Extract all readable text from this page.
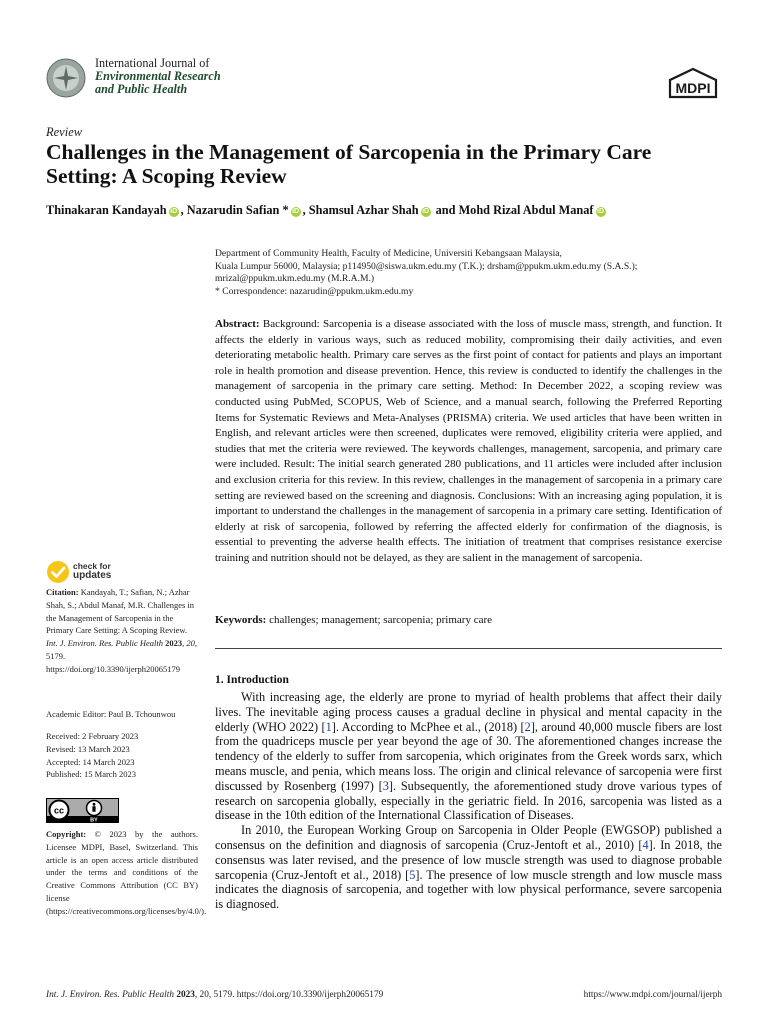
International Journal of
Environmental Research
and Public Health	MDPI
Review
Challenges in the Management of Sarcopenia in the Primary Care Setting: A Scoping Review
Thinakaran Kandayah iD , Nazarudin Safian * iD , Shamsul Azhar Shah iD and Mohd Rizal Abdul Manaf iD
Department of Community Health, Faculty of Medicine, Universiti Kebangsaan Malaysia,
Kuala Lumpur 56000, Malaysia; p114950@siswa.ukm.edu.my (T.K.); drsham@ppukm.ukm.edu.my (S.A.S.);
mrizal@ppukm.ukm.edu.my (M.R.A.M.)
* Correspondence: nazarudin@ppukm.ukm.edu.my
Abstract: Background: Sarcopenia is a disease associated with the loss of muscle mass, strength, and function. It affects the elderly in various ways, such as reduced mobility, compromising their daily activities, and even deteriorating metabolic health. Primary care serves as the first point of contact for patients and plays an important role in health promotion and disease prevention. Hence, this review is conducted to identify the challenges in the management of sarcopenia in the primary care setting. Method: In December 2022, a scoping review was conducted using PubMed, SCOPUS, Web of Science, and a manual search, following the Preferred Reporting Items for Systematic Reviews and Meta-Analyses (PRISMA) criteria. We used articles that have been written in English, and relevant articles were then screened, duplicates were removed, eligibility criteria were applied, and studies that met the criteria were reviewed. The keywords challenges, management, sarcopenia, and primary care were included. Result: The initial search generated 280 publications, and 11 articles were included after inclusion and exclusion criteria for this review. In this review, challenges in the management of sarcopenia in a primary care setting are reviewed based on the screening and diagnosis. Conclusions: With an increasing aging population, it is important to understand the challenges in the management of sarcopenia in a primary care setting. Identification of elderly at risk of sarcopenia, followed by referring the affected elderly for confirmation of the diagnosis, is essential to preventing the adverse health effects. The initiation of treatment that comprises resistance exercise training and nutrition should not be delayed, as they are salient in the management of sarcopenia.
Keywords: challenges; management; sarcopenia; primary care
1. Introduction

With increasing age, the elderly are prone to myriad of health problems that affect their daily lives. The inevitable aging process causes a gradual decline in physical and mental capacity in the elderly (WHO 2022) [1]. According to McPhee et al., (2018) [2], around 40,000 muscle fibers are lost from the quadriceps muscle per year beyond the age of 30. The aforementioned changes increase the tendency of the elderly to suffer from sarcopenia, which originates from the Greek words sarx, which means muscle, and penia, which means loss. The origin and clinical relevance of sarcopenia were first discussed by Rosenberg (1997) [3]. Subsequently, the aforementioned study drove various types of research on sarcopenia globally, especially in the geriatric field. In 2016, sarcopenia was listed as a disease in the 10th edition of the International Classification of Diseases.

In 2010, the European Working Group on Sarcopenia in Older People (EWGSOP) published a consensus on the definition and diagnosis of sarcopenia (Cruz-Jentoft et al., 2010) [4]. In 2018, the consensus was later revised, and the presence of low muscle strength was used to diagnose probable sarcopenia (Cruz-Jentoft et al., 2018) [5]. The presence of low muscle strength and low muscle mass indicates the diagnosis of sarcopenia, and together with low physical performance, severe sarcopenia is diagnosed.

check for
updates
Citation: Kandayah, T.; Safian, N.; Azhar Shah, S.; Abdul Manaf, M.R. Challenges in the Management of Sarcopenia in the Primary Care Setting: A Scoping Review. Int. J. Environ. Res. Public Health 2023, 20, 5179. https://doi.org/10.3390/ijerph20065179
Academic Editor: Paul B. Tchounwou
Received: 2 February 2023
Revised: 13 March 2023
Accepted: 14 March 2023
Published: 15 March 2023
cc
BY
Copyright: © 2023 by the authors. Licensee MDPI, Basel, Switzerland. This article is an open access article distributed under the terms and conditions of the Creative Commons Attribution (CC BY) license (https://creativecommons.org/licenses/by/4.0/).
Int. J. Environ. Res. Public Health 2023, 20, 5179. https://doi.org/10.3390/ijerph20065179	https://www.mdpi.com/journal/ijerph
